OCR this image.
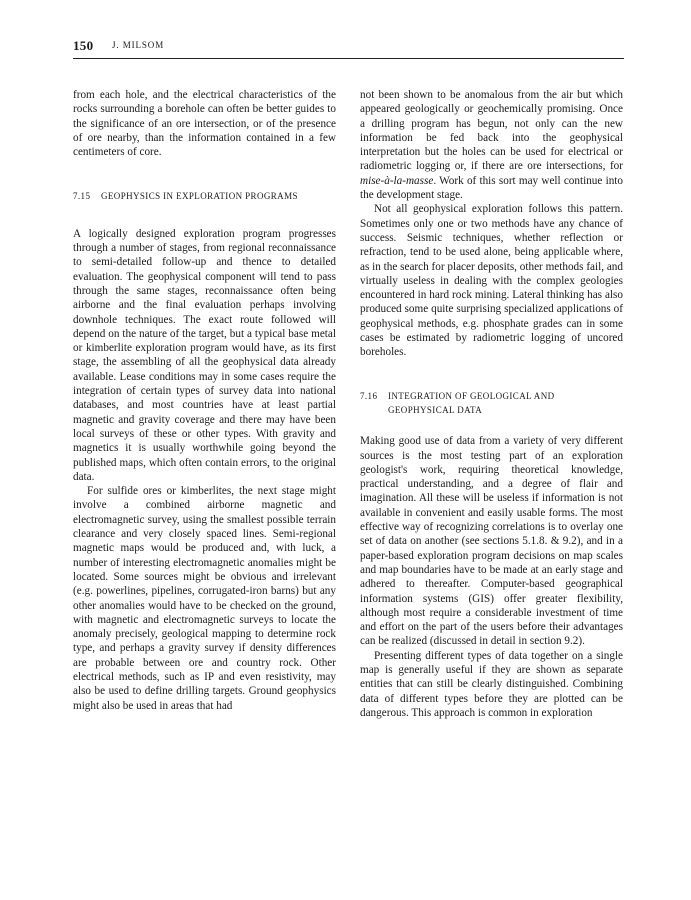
150 J. MILSOM

from each hole, and the electrical characteristics of the rocks surrounding a borehole can often be better guides to the significance of an ore intersection, or of the presence of ore nearby, than the information contained in a few centimeters of core.

7.15	GEOPHYSICS IN EXPLORATION PROGRAMS

A logically designed exploration program progresses through a number of stages, from regional reconnaissance to semi-detailed follow-up and thence to detailed evaluation. The geophysical component will tend to pass through the same stages, reconnaissance often being airborne and the final evaluation perhaps involving downhole techniques. The exact route followed will depend on the nature of the target, but a typical base metal or kimberlite exploration program would have, as its first stage, the assembling of all the geophysical data already available. Lease conditions may in some cases require the integration of certain types of survey data into national databases, and most countries have at least partial magnetic and gravity coverage and there may have been local surveys of these or other types. With gravity and magnetics it is usually worthwhile going beyond the published maps, which often contain errors, to the original data.

For sulfide ores or kimberlites, the next stage might involve a combined airborne magnetic and electromagnetic survey, using the smallest possible terrain clearance and very closely spaced lines. Semi-regional magnetic maps would be produced and, with luck, a number of interesting electromagnetic anomalies might be located. Some sources might be obvious and irrelevant (e.g. powerlines, pipelines, corrugated-iron barns) but any other anomalies would have to be checked on the ground, with magnetic and electromagnetic surveys to locate the anomaly precisely, geological mapping to determine rock type, and perhaps a gravity survey if density differences are probable between ore and country rock. Other electrical methods, such as IP and even resistivity, may also be used to define drilling targets. Ground geophysics might also be used in areas that had

not been shown to be anomalous from the air but which appeared geologically or geochemically promising. Once a drilling program has begun, not only can the new information be fed back into the geophysical interpretation but the holes can be used for electrical or radiometric logging or, if there are ore intersections, for mise-à-la-masse. Work of this sort may well continue into the development stage.

Not all geophysical exploration follows this pattern. Sometimes only one or two methods have any chance of success. Seismic techniques, whether reflection or refraction, tend to be used alone, being applicable where, as in the search for placer deposits, other methods fail, and virtually useless in dealing with the complex geologies encountered in hard rock mining. Lateral thinking has also produced some quite surprising specialized applications of geophysical methods, e.g. phosphate grades can in some cases be estimated by radiometric logging of uncored boreholes.

7.16	INTEGRATION OF GEOLOGICAL AND GEOPHYSICAL DATA

Making good use of data from a variety of very different sources is the most testing part of an exploration geologist's work, requiring theoretical knowledge, practical understanding, and a degree of flair and imagination. All these will be useless if information is not available in convenient and easily usable forms. The most effective way of recognizing correlations is to overlay one set of data on another (see sections 5.1.8. & 9.2), and in a paper-based exploration program decisions on map scales and map boundaries have to be made at an early stage and adhered to thereafter. Computer-based geographical information systems (GIS) offer greater flexibility, although most require a considerable investment of time and effort on the part of the users before their advantages can be realized (discussed in detail in section 9.2).

Presenting different types of data together on a single map is generally useful if they are shown as separate entities that can still be clearly distinguished. Combining data of different types before they are plotted can be dangerous. This approach is common in exploration
